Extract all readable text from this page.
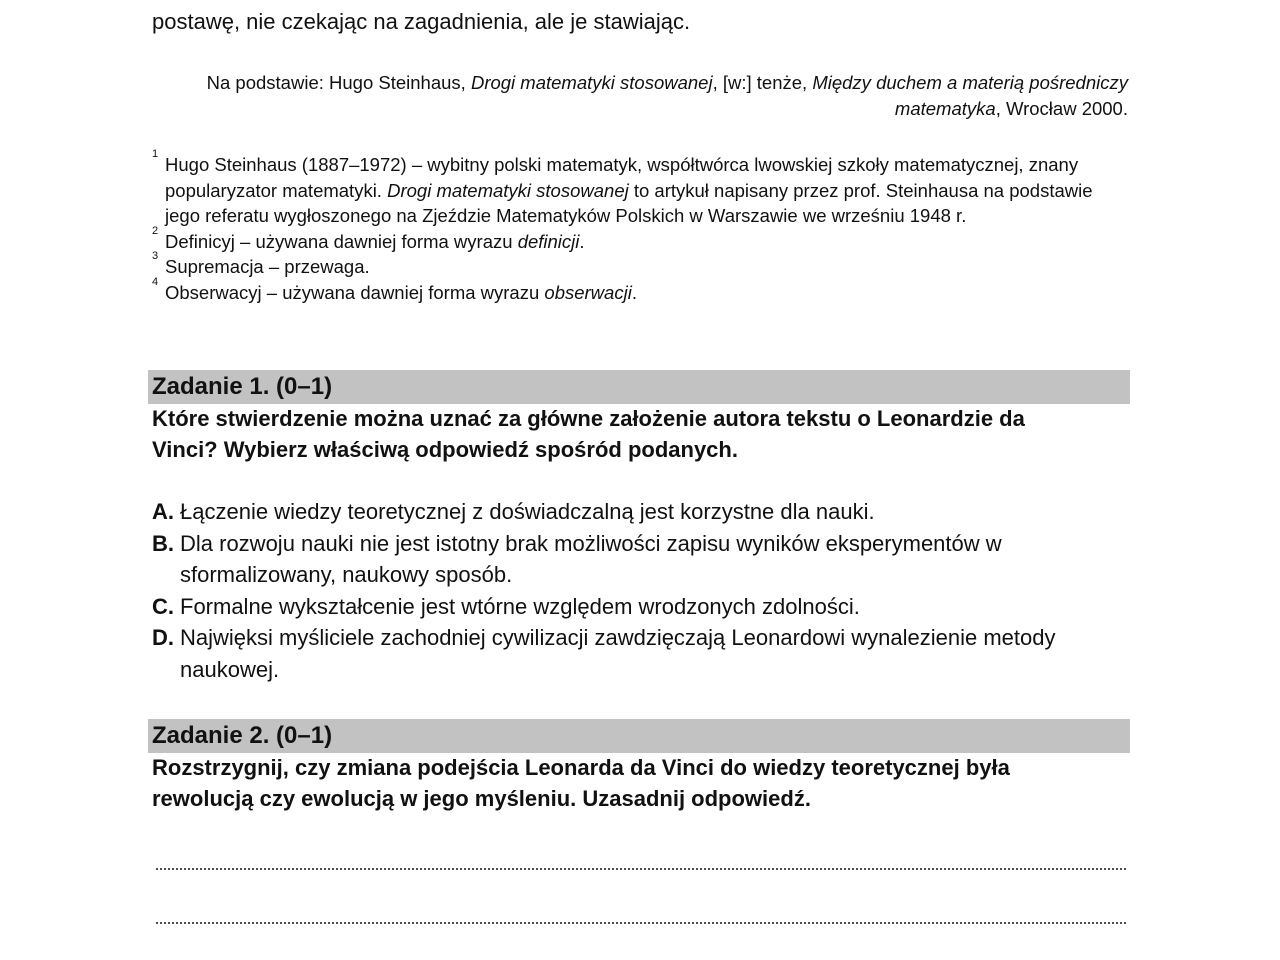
postawę, nie czekając na zagadnienia, ale je stawiając.

Na podstawie: Hugo Steinhaus, Drogi matematyki stosowanej, [w:] tenże, Między duchem a materią pośredniczy matematyka, Wrocław 2000.

1 Hugo Steinhaus (1887–1972) – wybitny polski matematyk, współtwórca lwowskiej szkoły matematycznej, znany popularyzator matematyki. Drogi matematyki stosowanej to artykuł napisany przez prof. Steinhausa na podstawie jego referatu wygłoszonego na Zjeździe Matematyków Polskich w Warszawie we wrześniu 1948 r.
2 Definicyj – używana dawniej forma wyrazu definicji.
3 Supremacja – przewaga.
4 Obserwacyj – używana dawniej forma wyrazu obserwacji.
Zadanie 1. (0–1)

Które stwierdzenie można uznać za główne założenie autora tekstu o Leonardzie da Vinci? Wybierz właściwą odpowiedź spośród podanych.

A. Łączenie wiedzy teoretycznej z doświadczalną jest korzystne dla nauki.
B. Dla rozwoju nauki nie jest istotny brak możliwości zapisu wyników eksperymentów w sformalizowany, naukowy sposób.
C. Formalne wykształcenie jest wtórne względem wrodzonych zdolności.
D. Najwięksi myśliciele zachodniej cywilizacji zawdzięczają Leonardowi wynalezienie metody naukowej.
Zadanie 2. (0–1)

Rozstrzygnij, czy zmiana podejścia Leonarda da Vinci do wiedzy teoretycznej była rewolucją czy ewolucją w jego myśleniu. Uzasadnij odpowiedź.
